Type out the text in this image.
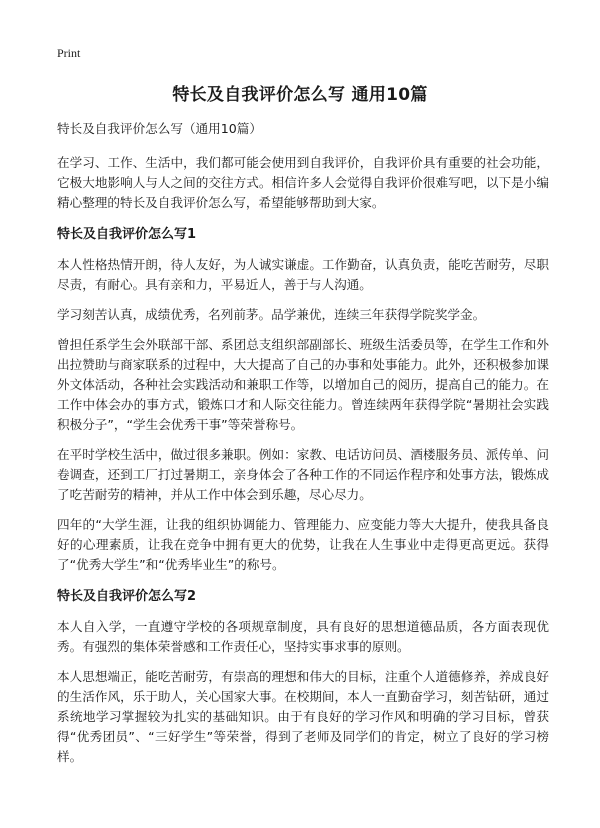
Print
特长及自我评价怎么写 通用10篇

特长及自我评价怎么写（通用10篇）

在学习、工作、生活中，我们都可能会使用到自我评价，自我评价具有重要的社会功能，它极大地影响人与人之间的交往方式。相信许多人会觉得自我评价很难写吧，以下是小编精心整理的特长及自我评价怎么写，希望能够帮助到大家。

特长及自我评价怎么写1

本人性格热情开朗，待人友好，为人诚实谦虚。工作勤奋，认真负责，能吃苦耐劳，尽职尽责，有耐心。具有亲和力，平易近人，善于与人沟通。

学习刻苦认真，成绩优秀，名列前茅。品学兼优，连续三年获得学院奖学金。

曾担任系学生会外联部干部、系团总支组织部副部长、班级生活委员等，在学生工作和外出拉赞助与商家联系的过程中，大大提高了自己的办事和处事能力。此外，还积极参加课外文体活动，各种社会实践活动和兼职工作等，以增加自己的阅历，提高自己的能力。在工作中体会办的事方式，锻炼口才和人际交往能力。曾连续两年获得学院“暑期社会实践积极分子”，“学生会优秀干事”等荣誉称号。

在平时学校生活中，做过很多兼职。例如：家教、电话访问员、酒楼服务员、派传单、问卷调查，还到工厂打过暑期工，亲身体会了各种工作的不同运作程序和处事方法，锻炼成了吃苦耐劳的精神，并从工作中体会到乐趣，尽心尽力。

四年的“大学生涯，让我的组织协调能力、管理能力、应变能力等大大提升，使我具备良好的心理素质，让我在竞争中拥有更大的优势，让我在人生事业中走得更高更远。获得了“优秀大学生”和“优秀毕业生”的称号。

特长及自我评价怎么写2

本人自入学，一直遵守学校的各项规章制度，具有良好的思想道德品质，各方面表现优秀。有强烈的集体荣誉感和工作责任心，坚持实事求事的原则。

本人思想端正，能吃苦耐劳，有崇高的理想和伟大的目标，注重个人道德修养，养成良好的生活作风，乐于助人，关心国家大事。在校期间，本人一直勤奋学习，刻苦钻研，通过系统地学习掌握较为扎实的基础知识。由于有良好的学习作风和明确的学习目标，曾获得“优秀团员”、“三好学生”等荣誉，得到了老师及同学们的肯定，树立了良好的学习榜样。
